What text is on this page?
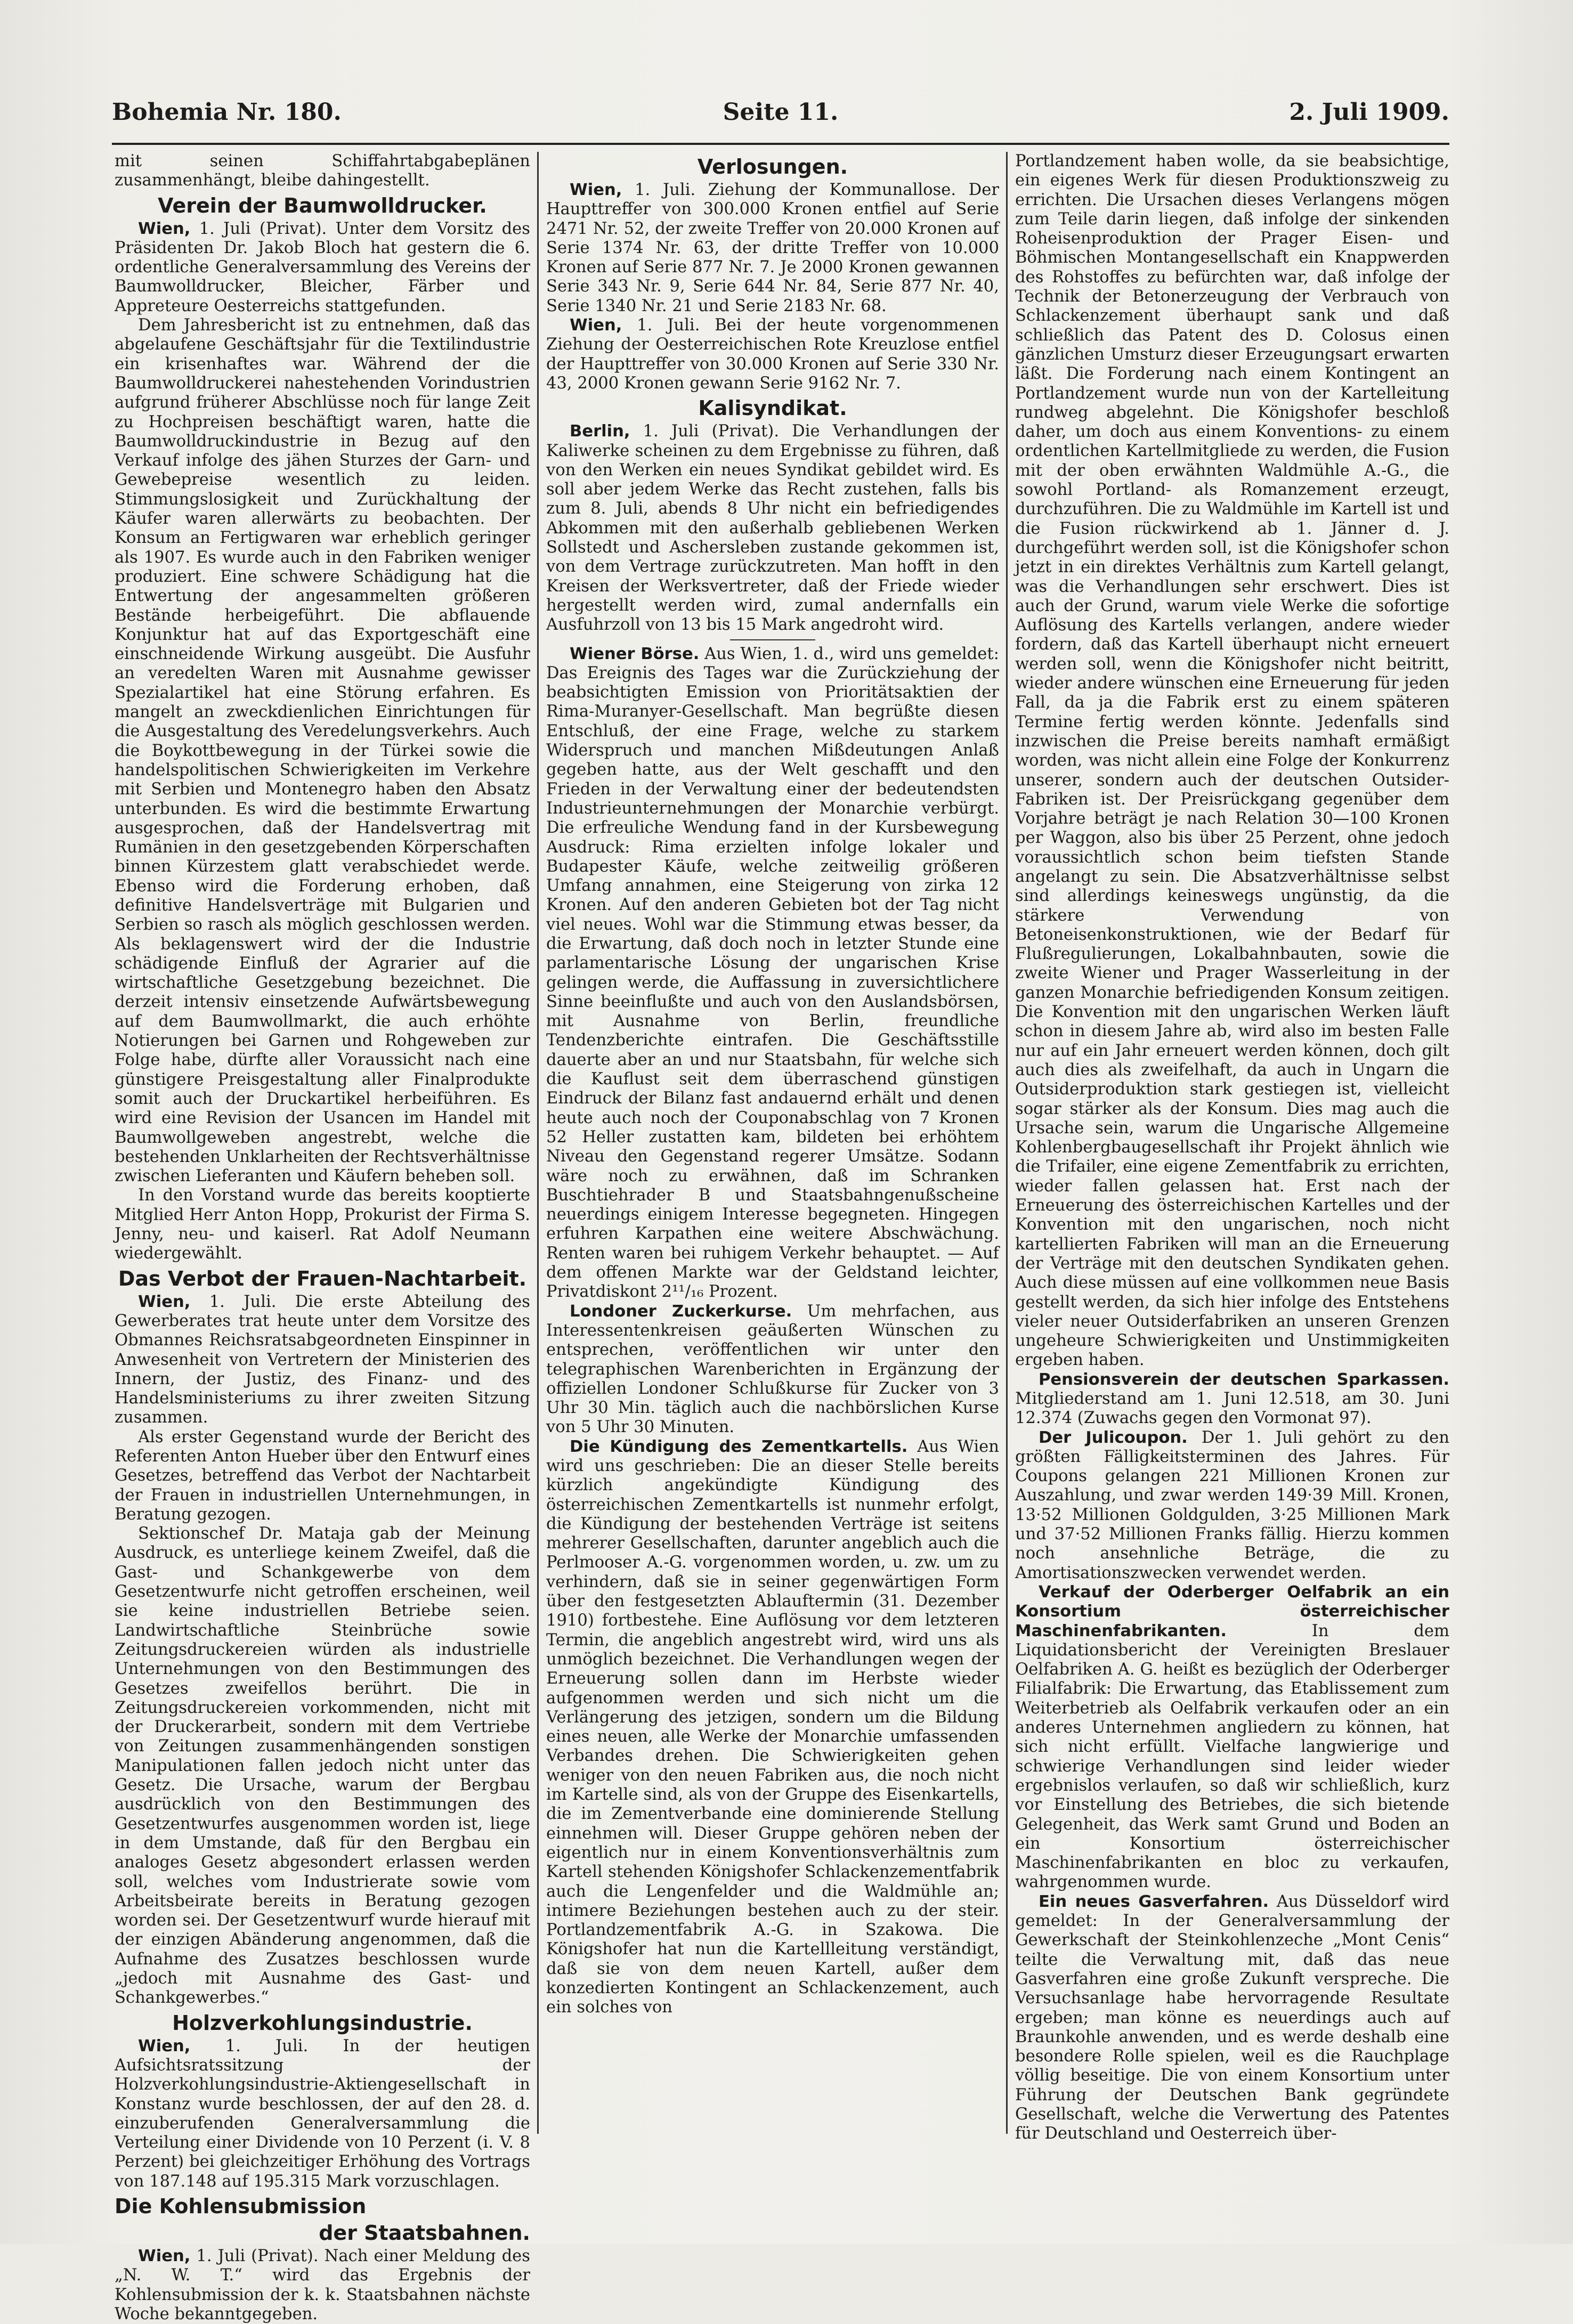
Bohemia Nr. 180.	Seite 11.	2. Juli 1909.

mit seinen Schiffahrtabgabeplänen zusammenhängt, bleibe dahingestellt.

Verein der Baumwolldrucker.

Wien, 1. Juli (Privat). Unter dem Vorsitz des Präsidenten Dr. Jakob Bloch hat gestern die 6. ordentliche Generalversammlung des Vereins der Baumwolldrucker, Bleicher, Färber und Appreteure Oesterreichs stattgefunden.

Dem Jahresbericht ist zu entnehmen, daß das abgelaufene Geschäftsjahr für die Textilindustrie ein krisenhaftes war. Während der die Baumwolldruckerei nahestehenden Vorindustrien aufgrund früherer Abschlüsse noch für lange Zeit zu Hochpreisen beschäftigt waren, hatte die Baumwolldruckindustrie in Bezug auf den Verkauf infolge des jähen Sturzes der Garn- und Gewebepreise wesentlich zu leiden. Stimmungslosigkeit und Zurückhaltung der Käufer waren allerwärts zu beobachten. Der Konsum an Fertigwaren war erheblich geringer als 1907. Es wurde auch in den Fabriken weniger produziert. Eine schwere Schädigung hat die Entwertung der angesammelten größeren Bestände herbeigeführt. Die abflauende Konjunktur hat auf das Exportgeschäft eine einschneidende Wirkung ausgeübt. Die Ausfuhr an veredelten Waren mit Ausnahme gewisser Spezialartikel hat eine Störung erfahren. Es mangelt an zweckdienlichen Einrichtungen für die Ausgestaltung des Veredelungsverkehrs. Auch die Boykottbewegung in der Türkei sowie die handelspolitischen Schwierigkeiten im Verkehre mit Serbien und Montenegro haben den Absatz unterbunden. Es wird die bestimmte Erwartung ausgesprochen, daß der Handelsvertrag mit Rumänien in den gesetzgebenden Körperschaften binnen Kürzestem glatt verabschiedet werde. Ebenso wird die Forderung erhoben, daß definitive Handelsverträge mit Bulgarien und Serbien so rasch als möglich geschlossen werden. Als beklagenswert wird der die Industrie schädigende Einfluß der Agrarier auf die wirtschaftliche Gesetzgebung bezeichnet. Die derzeit intensiv einsetzende Aufwärtsbewegung auf dem Baumwollmarkt, die auch erhöhte Notierungen bei Garnen und Rohgeweben zur Folge habe, dürfte aller Voraussicht nach eine günstigere Preisgestaltung aller Finalprodukte somit auch der Druckartikel herbeiführen. Es wird eine Revision der Usancen im Handel mit Baumwollgeweben angestrebt, welche die bestehenden Unklarheiten der Rechtsverhältnisse zwischen Lieferanten und Käufern beheben soll.

In den Vorstand wurde das bereits kooptierte Mitglied Herr Anton Hopp, Prokurist der Firma S. Jenny, neu- und kaiserl. Rat Adolf Neumann wiedergewählt.

Das Verbot der Frauen-Nachtarbeit.

Wien, 1. Juli. Die erste Abteilung des Gewerberates trat heute unter dem Vorsitze des Obmannes Reichsratsabgeordneten Einspinner in Anwesenheit von Vertretern der Ministerien des Innern, der Justiz, des Finanz- und des Handelsministeriums zu ihrer zweiten Sitzung zusammen.

Als erster Gegenstand wurde der Bericht des Referenten Anton Hueber über den Entwurf eines Gesetzes, betreffend das Verbot der Nachtarbeit der Frauen in industriellen Unternehmungen, in Beratung gezogen.

Sektionschef Dr. Mataja gab der Meinung Ausdruck, es unterliege keinem Zweifel, daß die Gast- und Schankgewerbe von dem Gesetzentwurfe nicht getroffen erscheinen, weil sie keine industriellen Betriebe seien. Landwirtschaftliche Steinbrüche sowie Zeitungsdruckereien würden als industrielle Unternehmungen von den Bestimmungen des Gesetzes zweifellos berührt. Die in Zeitungsdruckereien vorkommenden, nicht mit der Druckerarbeit, sondern mit dem Vertriebe von Zeitungen zusammenhängenden sonstigen Manipulationen fallen jedoch nicht unter das Gesetz. Die Ursache, warum der Bergbau ausdrücklich von den Bestimmungen des Gesetzentwurfes ausgenommen worden ist, liege in dem Umstande, daß für den Bergbau ein analoges Gesetz abgesondert erlassen werden soll, welches vom Industrierate sowie vom Arbeitsbeirate bereits in Beratung gezogen worden sei. Der Gesetzentwurf wurde hierauf mit der einzigen Abänderung angenommen, daß die Aufnahme des Zusatzes beschlossen wurde „jedoch mit Ausnahme des Gast- und Schankgewerbes.“

Holzverkohlungsindustrie.

Wien, 1. Juli. In der heutigen Aufsichtsratssitzung der Holzverkohlungsindustrie-Aktiengesellschaft in Konstanz wurde beschlossen, der auf den 28. d. einzuberufenden Generalversammlung die Verteilung einer Dividende von 10 Perzent (i. V. 8 Perzent) bei gleichzeitiger Erhöhung des Vortrags von 187.148 auf 195.315 Mark vorzuschlagen.

Die Kohlensubmission
der Staatsbahnen.

Wien, 1. Juli (Privat). Nach einer Meldung des „N. W. T.“ wird das Ergebnis der Kohlensubmission der k. k. Staatsbahnen nächste Woche bekanntgegeben.

Verlosungen.

Wien, 1. Juli. Ziehung der Kommunallose. Der Haupttreffer von 300.000 Kronen entfiel auf Serie 2471 Nr. 52, der zweite Treffer von 20.000 Kronen auf Serie 1374 Nr. 63, der dritte Treffer von 10.000 Kronen auf Serie 877 Nr. 7. Je 2000 Kronen gewannen Serie 343 Nr. 9, Serie 644 Nr. 84, Serie 877 Nr. 40, Serie 1340 Nr. 21 und Serie 2183 Nr. 68.

Wien, 1. Juli. Bei der heute vorgenommenen Ziehung der Oesterreichischen Rote Kreuzlose entfiel der Haupttreffer von 30.000 Kronen auf Serie 330 Nr. 43, 2000 Kronen gewann Serie 9162 Nr. 7.

Kalisyndikat.

Berlin, 1. Juli (Privat). Die Verhandlungen der Kaliwerke scheinen zu dem Ergebnisse zu führen, daß von den Werken ein neues Syndikat gebildet wird. Es soll aber jedem Werke das Recht zustehen, falls bis zum 8. Juli, abends 8 Uhr nicht ein befriedigendes Abkommen mit den außerhalb gebliebenen Werken Sollstedt und Aschersleben zustande gekommen ist, von dem Vertrage zurückzutreten. Man hofft in den Kreisen der Werksvertreter, daß der Friede wieder hergestellt werden wird, zumal andernfalls ein Ausfuhrzoll von 13 bis 15 Mark angedroht wird.

Wiener Börse. Aus Wien, 1. d., wird uns gemeldet: Das Ereignis des Tages war die Zurückziehung der beabsichtigten Emission von Prioritätsaktien der Rima-Muranyer-Gesellschaft. Man begrüßte diesen Entschluß, der eine Frage, welche zu starkem Widerspruch und manchen Mißdeutungen Anlaß gegeben hatte, aus der Welt geschafft und den Frieden in der Verwaltung einer der bedeutendsten Industrieunternehmungen der Monarchie verbürgt. Die erfreuliche Wendung fand in der Kursbewegung Ausdruck: Rima erzielten infolge lokaler und Budapester Käufe, welche zeitweilig größeren Umfang annahmen, eine Steigerung von zirka 12 Kronen. Auf den anderen Gebieten bot der Tag nicht viel neues. Wohl war die Stimmung etwas besser, da die Erwartung, daß doch noch in letzter Stunde eine parlamentarische Lösung der ungarischen Krise gelingen werde, die Auffassung in zuversichtlichere Sinne beeinflußte und auch von den Auslandsbörsen, mit Ausnahme von Berlin, freundliche Tendenzberichte eintrafen. Die Geschäftsstille dauerte aber an und nur Staatsbahn, für welche sich die Kauflust seit dem überraschend günstigen Eindruck der Bilanz fast andauernd erhält und denen heute auch noch der Couponabschlag von 7 Kronen 52 Heller zustatten kam, bildeten bei erhöhtem Niveau den Gegenstand regerer Umsätze. Sodann wäre noch zu erwähnen, daß im Schranken Buschtiehrader B und Staatsbahngenußscheine neuerdings einigem Interesse begegneten. Hingegen erfuhren Karpathen eine weitere Abschwächung. Renten waren bei ruhigem Verkehr behauptet. — Auf dem offenen Markte war der Geldstand leichter, Privatdiskont 2¹¹/₁₆ Prozent.

Londoner Zuckerkurse. Um mehrfachen, aus Interessentenkreisen geäußerten Wünschen zu entsprechen, veröffentlichen wir unter den telegraphischen Warenberichten in Ergänzung der offiziellen Londoner Schlußkurse für Zucker von 3 Uhr 30 Min. täglich auch die nachbörslichen Kurse von 5 Uhr 30 Minuten.

Die Kündigung des Zementkartells. Aus Wien wird uns geschrieben: Die an dieser Stelle bereits kürzlich angekündigte Kündigung des österreichischen Zementkartells ist nunmehr erfolgt, die Kündigung der bestehenden Verträge ist seitens mehrerer Gesellschaften, darunter angeblich auch die Perlmooser A.-G. vorgenommen worden, u. zw. um zu verhindern, daß sie in seiner gegenwärtigen Form über den festgesetzten Ablauftermin (31. Dezember 1910) fortbestehe. Eine Auflösung vor dem letzteren Termin, die angeblich angestrebt wird, wird uns als unmöglich bezeichnet. Die Verhandlungen wegen der Erneuerung sollen dann im Herbste wieder aufgenommen werden und sich nicht um die Verlängerung des jetzigen, sondern um die Bildung eines neuen, alle Werke der Monarchie umfassenden Verbandes drehen. Die Schwierigkeiten gehen weniger von den neuen Fabriken aus, die noch nicht im Kartelle sind, als von der Gruppe des Eisenkartells, die im Zementverbande eine dominierende Stellung einnehmen will. Dieser Gruppe gehören neben der eigentlich nur in einem Konventionsverhältnis zum Kartell stehenden Königshofer Schlackenzementfabrik auch die Lengenfelder und die Waldmühle an; intimere Beziehungen bestehen auch zu der steir. Portlandzementfabrik A.-G. in Szakowa. Die Königshofer hat nun die Kartellleitung verständigt, daß sie von dem neuen Kartell, außer dem konzedierten Kontingent an Schlackenzement, auch ein solches von

Portlandzement haben wolle, da sie beabsichtige, ein eigenes Werk für diesen Produktionszweig zu errichten. Die Ursachen dieses Verlangens mögen zum Teile darin liegen, daß infolge der sinkenden Roheisenproduktion der Prager Eisen- und Böhmischen Montangesellschaft ein Knappwerden des Rohstoffes zu befürchten war, daß infolge der Technik der Betonerzeugung der Verbrauch von Schlackenzement überhaupt sank und daß schließlich das Patent des D. Colosus einen gänzlichen Umsturz dieser Erzeugungsart erwarten läßt. Die Forderung nach einem Kontingent an Portlandzement wurde nun von der Kartelleitung rundweg abgelehnt. Die Königshofer beschloß daher, um doch aus einem Konventions- zu einem ordentlichen Kartellmitgliede zu werden, die Fusion mit der oben erwähnten Waldmühle A.-G., die sowohl Portland- als Romanzement erzeugt, durchzuführen. Die zu Waldmühle im Kartell ist und die Fusion rückwirkend ab 1. Jänner d. J. durchgeführt werden soll, ist die Königshofer schon jetzt in ein direktes Verhältnis zum Kartell gelangt, was die Verhandlungen sehr erschwert. Dies ist auch der Grund, warum viele Werke die sofortige Auflösung des Kartells verlangen, andere wieder fordern, daß das Kartell überhaupt nicht erneuert werden soll, wenn die Königshofer nicht beitritt, wieder andere wünschen eine Erneuerung für jeden Fall, da ja die Fabrik erst zu einem späteren Termine fertig werden könnte. Jedenfalls sind inzwischen die Preise bereits namhaft ermäßigt worden, was nicht allein eine Folge der Konkurrenz unserer, sondern auch der deutschen Outsider-Fabriken ist. Der Preisrückgang gegenüber dem Vorjahre beträgt je nach Relation 30—100 Kronen per Waggon, also bis über 25 Perzent, ohne jedoch voraussichtlich schon beim tiefsten Stande angelangt zu sein. Die Absatzverhältnisse selbst sind allerdings keineswegs ungünstig, da die stärkere Verwendung von Betoneisenkonstruktionen, wie der Bedarf für Flußregulierungen, Lokalbahnbauten, sowie die zweite Wiener und Prager Wasserleitung in der ganzen Monarchie befriedigenden Konsum zeitigen. Die Konvention mit den ungarischen Werken läuft schon in diesem Jahre ab, wird also im besten Falle nur auf ein Jahr erneuert werden können, doch gilt auch dies als zweifelhaft, da auch in Ungarn die Outsiderproduktion stark gestiegen ist, vielleicht sogar stärker als der Konsum. Dies mag auch die Ursache sein, warum die Ungarische Allgemeine Kohlenbergbaugesellschaft ihr Projekt ähnlich wie die Trifailer, eine eigene Zementfabrik zu errichten, wieder fallen gelassen hat. Erst nach der Erneuerung des österreichischen Kartelles und der Konvention mit den ungarischen, noch nicht kartellierten Fabriken will man an die Erneuerung der Verträge mit den deutschen Syndikaten gehen. Auch diese müssen auf eine vollkommen neue Basis gestellt werden, da sich hier infolge des Entstehens vieler neuer Outsiderfabriken an unseren Grenzen ungeheure Schwierigkeiten und Unstimmigkeiten ergeben haben.

Pensionsverein der deutschen Sparkassen. Mitgliederstand am 1. Juni 12.518, am 30. Juni 12.374 (Zuwachs gegen den Vormonat 97).

Der Julicoupon. Der 1. Juli gehört zu den größten Fälligkeitsterminen des Jahres. Für Coupons gelangen 221 Millionen Kronen zur Auszahlung, und zwar werden 149·39 Mill. Kronen, 13·52 Millionen Goldgulden, 3·25 Millionen Mark und 37·52 Millionen Franks fällig. Hierzu kommen noch ansehnliche Beträge, die zu Amortisationszwecken verwendet werden.

Verkauf der Oderberger Oelfabrik an ein Konsortium österreichischer Maschinenfabrikanten.	In dem Liquidationsbericht der Vereinigten Breslauer Oelfabriken A. G. heißt es bezüglich der Oderberger Filialfabrik: Die Erwartung, das Etablissement zum Weiterbetrieb als Oelfabrik verkaufen oder an ein anderes Unternehmen angliedern zu können, hat sich nicht erfüllt. Vielfache langwierige und schwierige Verhandlungen sind leider wieder ergebnislos verlaufen, so daß wir schließlich, kurz vor Einstellung des Betriebes, die sich bietende Gelegenheit, das Werk samt Grund und Boden an ein Konsortium österreichischer Maschinenfabrikanten en bloc zu verkaufen, wahrgenommen wurde.

Ein neues Gasverfahren. Aus Düsseldorf wird gemeldet: In der Generalversammlung der Gewerkschaft der Steinkohlenzeche „Mont Cenis“ teilte die Verwaltung mit, daß das neue Gasverfahren eine große Zukunft verspreche. Die Versuchsanlage habe hervorragende Resultate ergeben; man könne es neuerdings auch auf Braunkohle anwenden, und es werde deshalb eine besondere Rolle spielen, weil es die Rauchplage völlig beseitige. Die von einem Konsortium unter Führung der Deutschen Bank gegründete Gesellschaft, welche die Verwertung des Patentes für Deutschland und Oesterreich über-
